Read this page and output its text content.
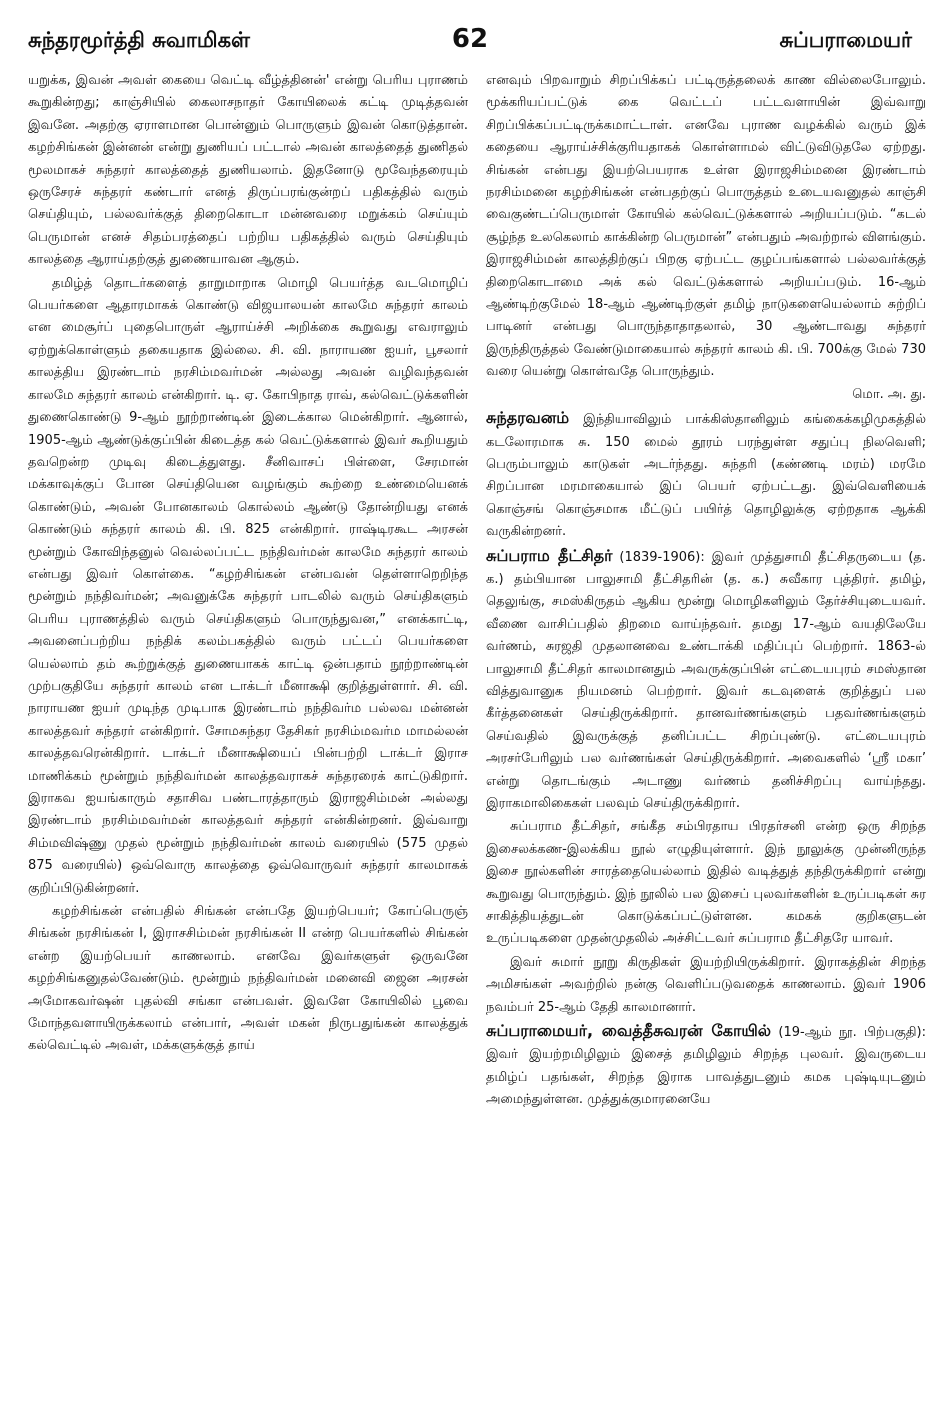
சுந்தரமூர்த்தி சுவாமிகள்	62	சுப்பராமையர்

யறுக்க, இவன் அவள் கையை வெட்டி வீழ்த்தினன்' என்று பெரிய புராணம் கூறுகின்றது; காஞ்சியில் கைலாசநாதர் கோயிலைக் கட்டி முடித்தவன் இவனே. அதற்கு ஏராளமான பொன்னும் பொருளும் இவன் கொடுத்தான். கழற்சிங்கன் இன்னன் என்று துணியப் பட்டால் அவன் காலத்தைத் துணிதல் மூலமாகச் சுந்தரர் காலத்தைத் துணியலாம். இதனோடு மூவேந்தரையும் ஒருசேரச் சுந்தரர் கண்டார் எனத் திருப்பரங்குன்றப் பதிகத்தில் வரும் செய்தியும், பல்லவர்க்குத் திறைகொடா மன்னவரை மறுக்கம் செய்யும் பெருமான் எனச் சிதம்பரத்தைப் பற்றிய பதிகத்தில் வரும் செய்தியும் காலத்தை ஆராய்தற்குத் துணையாவன ஆகும்.

தமிழ்த் தொடர்களைத் தாறுமாறாக மொழி பெயர்த்த வடமொழிப் பெயர்களை ஆதாரமாகக் கொண்டு விஜயாலயன் காலமே சுந்தரர் காலம் என மைசூர்ப் புதைபொருள் ஆராய்ச்சி அறிக்கை கூறுவது எவராலும் ஏற்றுக்கொள்ளும் தகையதாக இல்லை. சி. வி. நாராயண ஐயர், பூசலார் காலத்திய இரண்டாம் நரசிம்மவர்மன் அல்லது அவன் வழிவந்தவன் காலமே சுந்தரர் காலம் என்கிறார். டி. ஏ. கோபிநாத ராவ், கல்வெட்டுக்களின் துணைகொண்டு 9-ஆம் நூற்றாண்டின் இடைக்கால மென்கிறார். ஆனால், 1905-ஆம் ஆண்டுக்குப்பின் கிடைத்த கல் வெட்டுக்களால் இவர் கூறியதும் தவறென்ற முடிவு கிடைத்துளது. சீனிவாசப் பிள்ளை, சேரமான் மக்காவுக்குப் போன செய்தியென வழங்கும் கூற்றை உண்மையெனக் கொண்டும், அவன் போனகாலம் கொல்லம் ஆண்டு தோன்றியது எனக் கொண்டும் சுந்தரர் காலம் கி. பி. 825 என்கிறார். ராஷ்டிரகூட அரசன் மூன்றும் கோவிந்தனுல் வெல்லப்பட்ட நந்திவர்மன் காலமே சுந்தரர் காலம் என்பது இவர் கொள்கை. “கழற்சிங்கன் என்பவன் தெள்ளாறெறிந்த மூன்றும் நந்திவர்மன்; அவனுக்கே சுந்தரர் பாடலில் வரும் செய்திகளும் பெரிய புராணத்தில் வரும் செய்திகளும் பொருந்துவன,” எனக்காட்டி, அவனைப்பற்றிய நந்திக் கலம்பகத்தில் வரும் பட்டப் பெயர்களை யெல்லாம் தம் கூற்றுக்குத் துணையாகக் காட்டி ஒன்பதாம் நூற்றாண்டின் முற்பகுதியே சுந்தரர் காலம் என டாக்டர் மீனாக்ஷி குறித்துள்ளார். சி. வி. நாராயண ஐயர் முடிந்த முடிபாக இரண்டாம் நந்திவர்ம பல்லவ மன்னன் காலத்தவர் சுந்தரர் என்கிறார். சோமசுந்தர தேசிகர் நரசிம்மவர்ம மாமல்லன் காலத்தவரென்கிறார். டாக்டர் மீனாக்ஷியைப் பின்பற்றி டாக்டர் இராச மாணிக்கம் மூன்றும் நந்திவர்மன் காலத்தவராகச் சுந்தரரைக் காட்டுகிறார். இராகவ ஐயங்காரும் சதாசிவ பண்டாரத்தாரும் இராஜசிம்மன் அல்லது இரண்டாம் நரசிம்மவர்மன் காலத்தவர் சுந்தரர் என்கின்றனர். இவ்வாறு சிம்மவிஷ்ணு முதல் மூன்றும் நந்திவர்மன் காலம் வரையில் (575 முதல் 875 வரையில்) ஒவ்வொரு காலத்தை ஒவ்வொருவர் சுந்தரர் காலமாகக் குறிப்பிடுகின்றனர்.

கழற்சிங்கன் என்பதில் சிங்கன் என்பதே இயற்பெயர்; கோப்பெருஞ் சிங்கன் நரசிங்கன் I, இராசசிம்மன் நரசிங்கன் II என்ற பெயர்களில் சிங்கன் என்ற இயற்பெயர் காணலாம். எனவே இவர்களுள் ஒருவனே கழற்சிங்கனுதல்வேண்டும். மூன்றும் நந்திவர்மன் மனைவி ஜைன அரசன் அமோகவர்ஷன் புதல்வி சங்கா என்பவள். இவளே கோயிலில் பூவை மோந்தவளாயிருக்கலாம் என்பார், அவள் மகன் நிருபதுங்கன் காலத்துக் கல்வெட்டில் அவள், மக்களுக்குத் தாய்

எனவும் பிறவாறும் சிறப்பிக்கப் பட்டிருத்தலைக் காண வில்லைபோலும். மூக்கரியப்பட்டுக் கை வெட்டப் பட்டவளாயின் இவ்வாறு சிறப்பிக்கப்பட்டிருக்கமாட்டாள். எனவே புராண வழக்கில் வரும் இக் கதையை ஆராய்ச்சிக்குரியதாகக் கொள்ளாமல் விட்டுவிடுதலே ஏற்றது. சிங்கன் என்பது இயற்பெயராக உள்ள இராஜசிம்மனை இரண்டாம் நரசிம்மனை கழற்சிங்கன் என்பதற்குப் பொருத்தம் உடையவனுதல் காஞ்சி வைகுண்டப்பெருமாள் கோயில் கல்வெட்டுக்களால் அறியப்படும். “கடல் சூழ்ந்த உலகெலாம் காக்கின்ற பெருமான்” என்பதும் அவற்றால் விளங்கும். இராஜசிம்மன் காலத்திற்குப் பிறகு ஏற்பட்ட குழப்பங்களால் பல்லவர்க்குத் திறைகொடாமை அக் கல் வெட்டுக்களால் அறியப்படும். 16-ஆம் ஆண்டிற்குமேல் 18-ஆம் ஆண்டிற்குள் தமிழ் நாடுகளையெல்லாம் சுற்றிப் பாடினர் என்பது பொருந்தாதாதலால், 30 ஆண்டாவது சுந்தரர் இருந்திருத்தல் வேண்டுமாகையால் சுந்தரர் காலம் கி. பி. 700க்கு மேல் 730 வரை யென்று கொள்வதே பொருந்தும்.
மொ. அ. து.

சுந்தரவனம் இந்தியாவிலும் பாக்கிஸ்தானிலும் கங்கைக்கழிமுகத்தில் கடலோரமாக சு. 150 மைல் தூரம் பரந்துள்ள சதுப்பு நிலவெளி; பெரும்பாலும் காடுகள் அடர்ந்தது. சுந்தரி (கண்ணடி மரம்) மரமே சிறப்பான மரமாகையால் இப் பெயர் ஏற்பட்டது. இவ்வெளியைக் கொஞ்சங் கொஞ்சமாக மீட்டுப் பயிர்த் தொழிலுக்கு ஏற்றதாக ஆக்கி வருகின்றனர்.

சுப்பராம தீட்சிதர் (1839-1906): இவர் முத்துசாமி தீட்சிதருடைய (த. க.) தம்பியான பாலுசாமி தீட்சிதரின் (த. க.) சுவீகார புத்திரர். தமிழ், தெலுங்கு, சமஸ்கிருதம் ஆகிய மூன்று மொழிகளிலும் தேர்ச்சியுடையவர். வீணை வாசிப்பதில் திறமை வாய்ந்தவர். தமது 17-ஆம் வயதிலேயே வர்ணம், சுரஜதி முதலானவை உண்டாக்கி மதிப்புப் பெற்றார். 1863-ல் பாலுசாமி தீட்சிதர் காலமானதும் அவருக்குப்பின் எட்டையபுரம் சமஸ்தான வித்துவானுக நியமனம் பெற்றார். இவர் கடவுளைக் குறித்துப் பல கீர்த்தனைகள் செய்திருக்கிறார். தானவர்ணங்களும் பதவர்ணங்களும் செய்வதில் இவருக்குத் தனிப்பட்ட சிறப்புண்டு. எட்டையபுரம் அரசர்பேரிலும் பல வர்ணங்கள் செய்திருக்கிறார். அவைகளில் ‘ஸ்ரீ மகா’ என்று தொடங்கும் அடாணு வர்ணம் தனிச்சிறப்பு வாய்ந்தது. இராகமாலிகைகள் பலவும் செய்திருக்கிறார்.

சுப்பராம தீட்சிதர், சங்கீத சம்பிரதாய பிரதர்சனி என்ற ஒரு சிறந்த இசைலக்கண-இலக்கிய நூல் எழுதியுள்ளார். இந் நூலுக்கு முன்னிருந்த இசை நூல்களின் சாரத்தையெல்லாம் இதில் வடித்துத் தந்திருக்கிறார் என்று கூறுவது பொருந்தும். இந் நூலில் பல இசைப் புலவர்களின் உருப்படிகள் சுர சாகித்தியத்துடன் கொடுக்கப்பட்டுள்ளன. கமகக் குறிகளுடன் உருப்படிகளை முதன்முதலில் அச்சிட்டவர் சுப்பராம தீட்சிதரே யாவர்.

இவர் சுமார் நூறு கிருதிகள் இயற்றியிருக்கிறார். இராகத்தின் சிறந்த அமிசங்கள் அவற்றில் நன்கு வெளிப்படுவதைக் காணலாம். இவர் 1906 நவம்பர் 25-ஆம் தேதி காலமானார்.

சுப்பராமையர், வைத்தீசுவரன் கோயில் (19-ஆம் நூ. பிற்பகுதி): இவர் இயற்றமிழிலும் இசைத் தமிழிலும் சிறந்த புலவர். இவருடைய தமிழ்ப் பதங்கள், சிறந்த இராக பாவத்துடனும் கமக புஷ்டியுடனும் அமைந்துள்ளன. முத்துக்குமாரனையே
